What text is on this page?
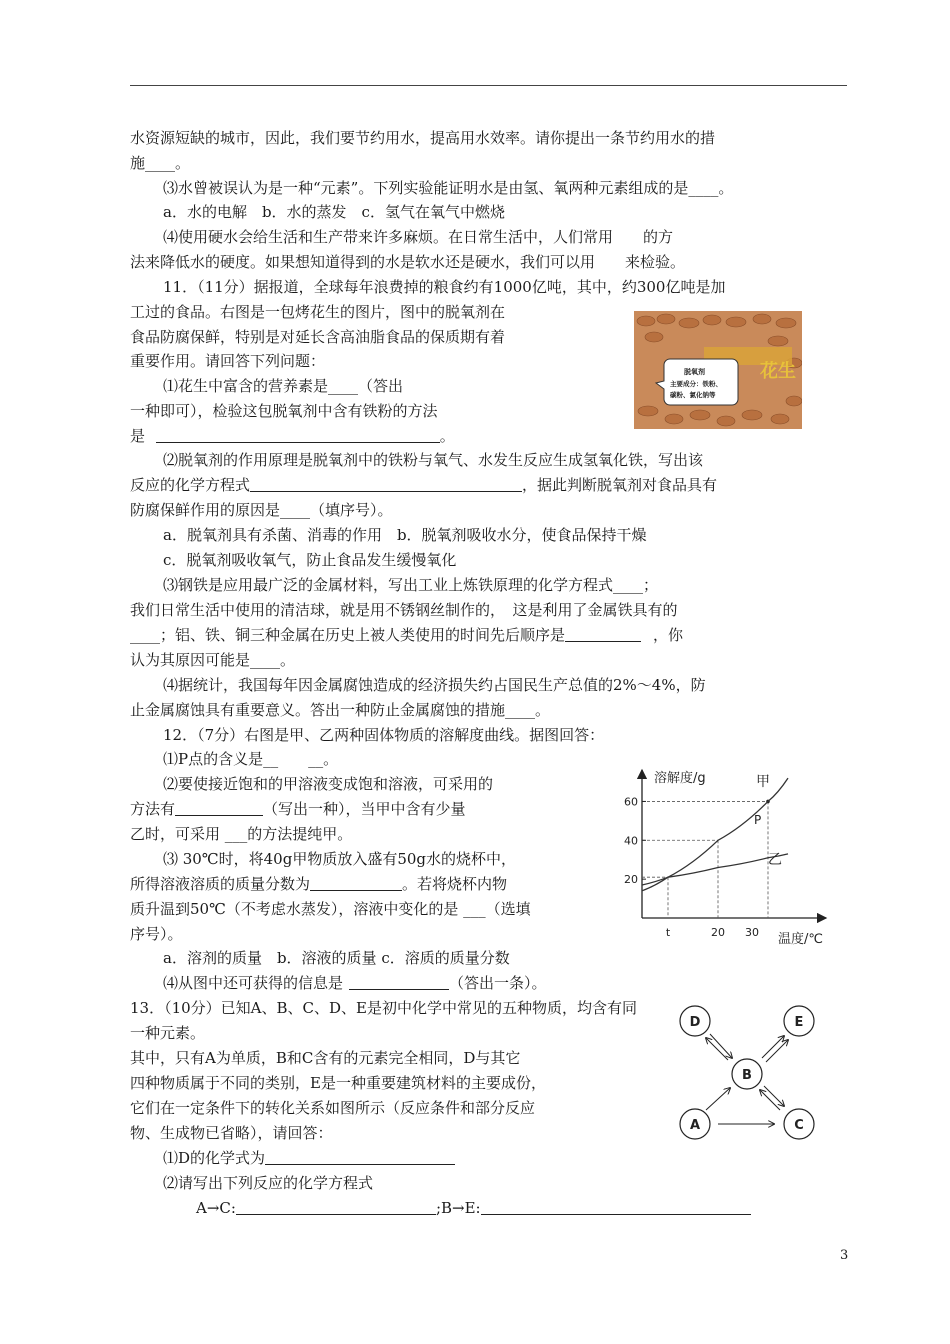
水资源短缺的城市，因此，我们要节约用水，提高用水效率。请你提出一条节约用水的措
施____。
⑶水曾被误认为是一种“元素”。下列实验能证明水是由氢、氧两种元素组成的是____。
a．水的电解　b．水的蒸发　c．氢气在氧气中燃烧
⑷使用硬水会给生活和生产带来许多麻烦。在日常生活中，人们常用　　的方
法来降低水的硬度。如果想知道得到的水是软水还是硬水，我们可以用　　来检验。
11．（11分）据报道，全球每年浪费掉的粮食约有1000亿吨，其中，约300亿吨是加
工过的食品。右图是一包烤花生的图片，图中的脱氧剂在
食品防腐保鲜，特别是对延长含高油脂食品的保质期有着
重要作用。请回答下列问题：
⑴花生中富含的营养素是____（答出
一种即可），检验这包脱氧剂中含有铁粉的方法
是	。
⑵脱氧剂的作用原理是脱氧剂中的铁粉与氧气、水发生反应生成氢氧化铁，写出该
反应的化学方程式	，据此判断脱氧剂对食品具有
防腐保鲜作用的原因是____（填序号）。
a．脱氧剂具有杀菌、消毒的作用　b．脱氧剂吸收水分，使食品保持干燥
c．脱氧剂吸收氧气，防止食品发生缓慢氧化
⑶钢铁是应用最广泛的金属材料，写出工业上炼铁原理的化学方程式____；
我们日常生活中使用的清洁球，就是用不锈钢丝制作的，　这是利用了金属铁具有的
____；铝、铁、铜三种金属在历史上被人类使用的时间先后顺序是	，你
认为其原因可能是____。
⑷据统计，我国每年因金属腐蚀造成的经济损失约占国民生产总值的2%～4%，防
止金属腐蚀具有重要意义。答出一种防止金属腐蚀的措施____。
12．（7分）右图是甲、乙两种固体物质的溶解度曲线。据图回答：
⑴P点的含义是__　　__。
⑵要使接近饱和的甲溶液变成饱和溶液，可采用的
方法有	（写出一种），当甲中含有少量
乙时，可采用 ___的方法提纯甲。
⑶ 30℃时，将40g甲物质放入盛有50g水的烧杯中，
所得溶液溶质的质量分数为	。若将烧杯内物
质升温到50℃（不考虑水蒸发），溶液中变化的是 ___（选填
序号）。
a．溶剂的质量　b．溶液的质量 c．溶质的质量分数
⑷从图中还可获得的信息是	（答出一条）。
13．（10分）已知A、B、C、D、E是初中化学中常见的五种物质，均含有同
一种元素。
其中，只有A为单质，B和C含有的元素完全相同，D与其它
四种物质属于不同的类别，E是一种重要建筑材料的主要成份，
它们在一定条件下的转化关系如图所示（反应条件和部分反应
物、生成物已省略），请回答：
⑴D的化学式为
⑵请写出下列反应的化学方程式
A→C:	;B→E:
3
花生
脱氧剂
主要成分：铁粉、
碳粉、氯化钠等
溶解度/g
温度/℃
20
40
60
t	20 30
甲
乙
P
D	E
B
A	C
